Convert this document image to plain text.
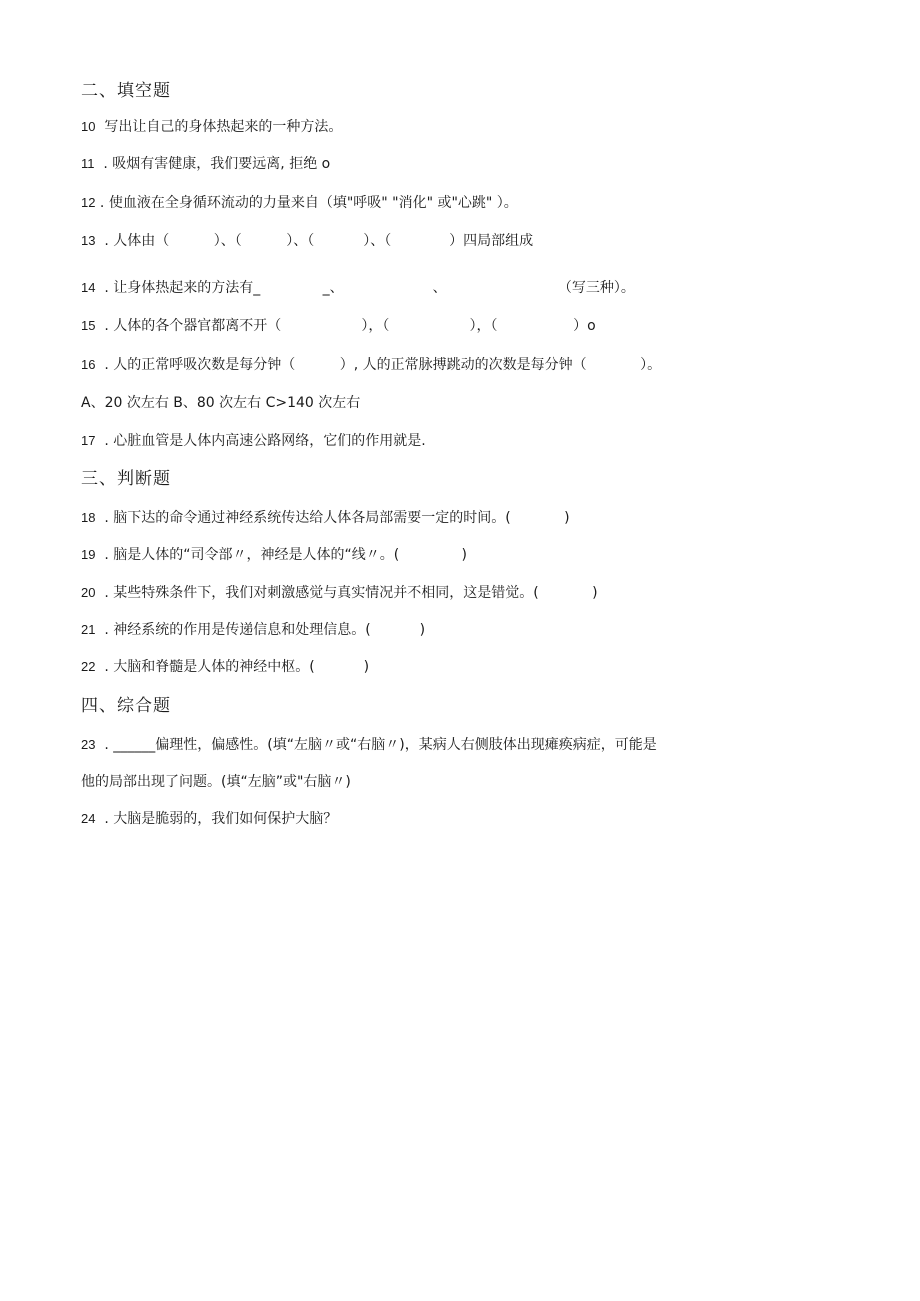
二、填空题
10  写出让自己的身体热起来的一种方法。
11  . 吸烟有害健康，我们要远离, 拒绝 o
12 . 使血液在全身循环流动的力量来自（填"呼吸" "消化" 或"心跳" ）。
13  . 人体由（          ）、（          ）、（           ）、（             ）四局部组成
14  . 让身体热起来的方法有_              _、                    、                         （写三种）。
15  . 人体的各个器官都离不开（                  ），（                  ），（                 ）o
16  . 人的正常呼吸次数是每分钟（          ）, 人的正常脉搏跳动的次数是每分钟（            ）。
A、20 次左右 B、80 次左右 C>140 次左右
17  . 心脏血管是人体内高速公路网络，它们的作用就是.
三、判断题
18  . 脑下达的命令通过神经系统传达给人体各局部需要一定的时间。(            )
19  . 脑是人体的“司令部〃，神经是人体的“线〃。(              )
20  . 某些特殊条件下，我们对刺激感觉与真实情况并不相同，这是错觉。(            )
21  . 神经系统的作用是传递信息和处理信息。(           )
22  . 大脑和脊髓是人体的神经中枢。(           )
四、综合题
23  . ______偏理性，偏感性。(填“左脑〃或“右脑〃)，某病人右侧肢体出现瘫痪病症，可能是
他的局部出现了问题。(填“左脑”或"右脑〃)
24  . 大脑是脆弱的，我们如何保护大脑？
